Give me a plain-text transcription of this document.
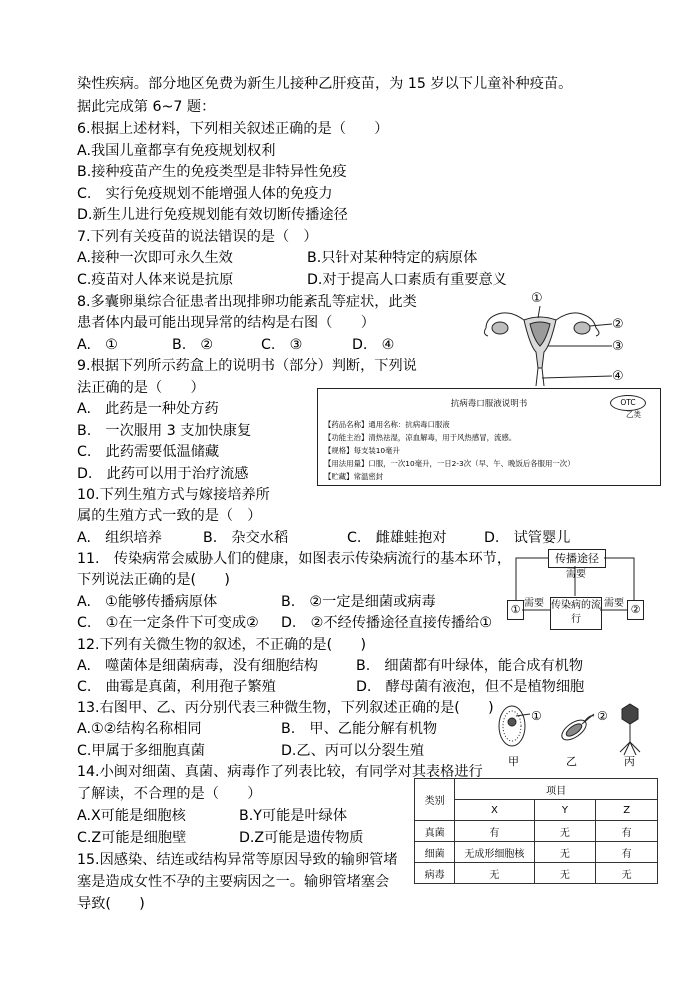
染性疾病。部分地区免费为新生儿接种乙肝疫苗，为 15 岁以下儿童补种疫苗。
据此完成第 6~7 题：
6.根据上述材料，下列相关叙述正确的是（　　）
A.我国儿童都享有免疫规划权利
B.接种疫苗产生的免疫类型是非特异性免疫
C.　实行免疫规划不能增强人体的免疫力
D.新生儿进行免疫规划能有效切断传播途径
7.下列有关疫苗的说法错误的是（　）
A.接种一次即可永久生效	B.只针对某种特定的病原体
C.疫苗对人体来说是抗原	D.对于提高人口素质有重要意义
8.多囊卵巢综合征患者出现排卵功能紊乱等症状，此类
患者体内最可能出现异常的结构是右图（　　）
A.　①	B.　②	C.　③	D.　④
9.根据下列所示药盒上的说明书（部分）判断，下列说
法正确的是（　　）
A.　此药是一种处方药
B.　一次服用 3 支加快康复
C.　此药需要低温储藏
D.　此药可以用于治疗流感
10.下列生殖方式与嫁接培养所
属的生殖方式一致的是（　）
A.　组织培养	B.　杂交水稻	C.　雌雄蛙抱对	D.　试管婴儿
11.　传染病常会威胁人们的健康，如图表示传染病流行的基本环节，
下列说法正确的是(　　)
A.　①能够传播病原体	B.　②一定是细菌或病毒
C.　①在一定条件下可变成② D.　②不经传播途径直接传播给①
12.下列有关微生物的叙述，不正确的是(　　)
A.　噬菌体是细菌病毒，没有细胞结构	B.　细菌都有叶绿体，能合成有机物
C.　曲霉是真菌，利用孢子繁殖	D.　酵母菌有液泡，但不是植物细胞
13.右图甲、乙、丙分别代表三种微生物，下列叙述正确的是(　　)
A.①②结构名称相同	B.　甲、乙能分解有机物
C.甲属于多细胞真菌	D.乙、丙可以分裂生殖
14.小闽对细菌、真菌、病毒作了列表比较，有同学对其表格进行
了解读，不合理的是（　　）
A.X可能是细胞核	B.Y可能是叶绿体
C.Z可能是细胞壁	D.Z可能是遗传物质
15.因感染、结连或结构异常等原因导致的输卵管堵
塞是造成女性不孕的主要病因之一。输卵管堵塞会
导致(　　)
①
②
③
④
抗病毒口服液说明书	OTC
乙类
【药品名称】通用名称：抗病毒口服液
【功能主治】清热祛湿，凉血解毒，用于风热感冒，流感。
【规格】每支装10毫升
【用法用量】口服，一次10毫升，一日2-3次（早、午、晚饭后各服用一次）
【贮藏】常温密封
传播途径
传染病的流行
①	②
需要
需要	需要
①	②
甲	乙	丙
类别	项目		
	X	Y	Z
真菌	有	无	有
细菌	无成形细胞核	无	有
病毒	无	无	无
